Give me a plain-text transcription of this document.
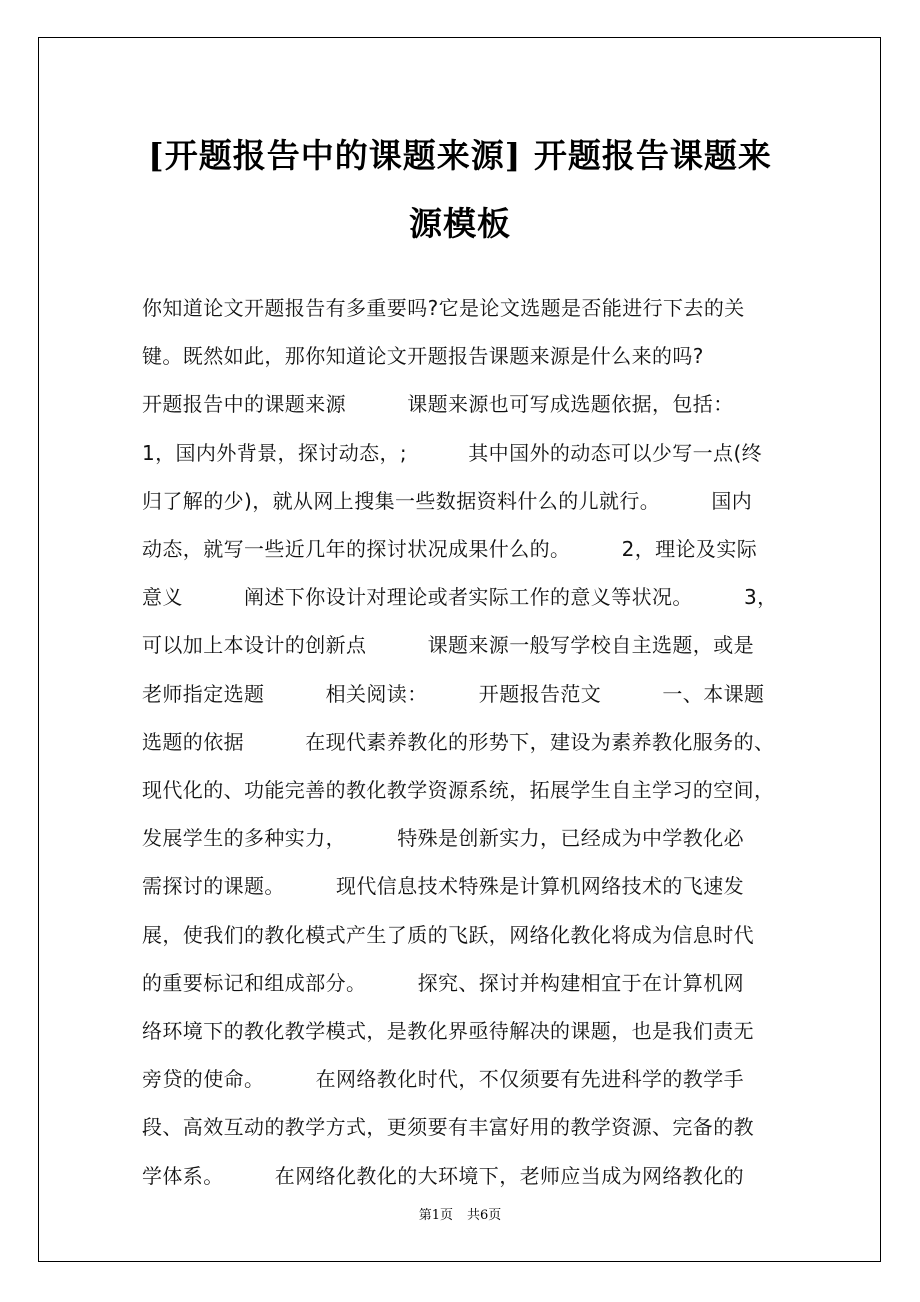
[开题报告中的课题来源] 开题报告课题来
源模板
你知道论文开题报告有多重要吗?它是论文选题是否能进行下去的关
键。既然如此，那你知道论文开题报告课题来源是什么来的吗?
开题报告中的课题来源　　　课题来源也可写成选题依据，包括：
1，国内外背景，探讨动态，;　　　其中国外的动态可以少写一点(终
归了解的少)，就从网上搜集一些数据资料什么的儿就行。　　　国内
动态，就写一些近几年的探讨状况成果什么的。　　　2，理论及实际
意义　　　阐述下你设计对理论或者实际工作的意义等状况。　　　3，
可以加上本设计的创新点　　　课题来源一般写学校自主选题，或是
老师指定选题　　　相关阅读：　　　开题报告范文　　　一、本课题
选题的依据　　　在现代素养教化的形势下，建设为素养教化服务的、
现代化的、功能完善的教化教学资源系统，拓展学生自主学习的空间，
发展学生的多种实力，　　　特殊是创新实力，已经成为中学教化必
需探讨的课题。　　　现代信息技术特殊是计算机网络技术的飞速发
展，使我们的教化模式产生了质的飞跃，网络化教化将成为信息时代
的重要标记和组成部分。　　　探究、探讨并构建相宜于在计算机网
络环境下的教化教学模式，是教化界亟待解决的课题，也是我们责无
旁贷的使命。　　　在网络教化时代，不仅须要有先进科学的教学手
段、高效互动的教学方式，更须要有丰富好用的教学资源、完备的教
学体系。　　　在网络化教化的大环境下，老师应当成为网络教化的
第1页 共6页
